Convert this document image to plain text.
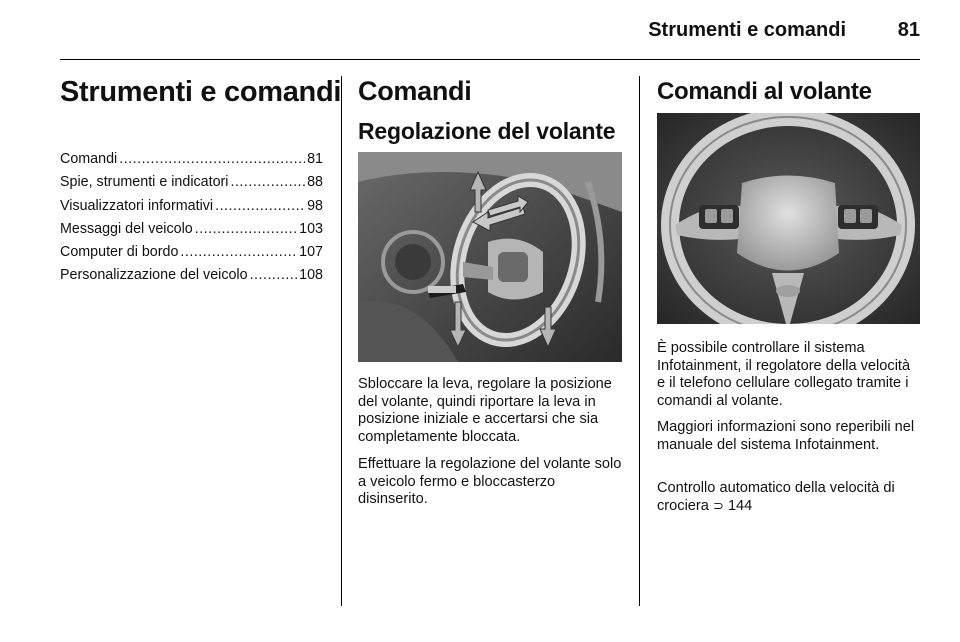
Strumenti e comandi	81
Strumenti e comandi
Comandi .....	81
Spie, strumenti e indicatori .....	88
Visualizzatori informativi .....	98
Messaggi del veicolo .....	103
Computer di bordo .....	107
Personalizzazione del veicolo .....	108
Comandi
Regolazione del volante

Sbloccare la leva, regolare la posizione del volante, quindi riportare la leva in posizione iniziale e accertarsi che sia completamente bloccata.

Effettuare la regolazione del volante solo a veicolo fermo e bloccasterzo disinserito.

Comandi al volante

È possibile controllare il sistema Infotainment, il regolatore della velocità e il telefono cellulare collegato tramite i comandi al volante.

Maggiori informazioni sono reperibili nel manuale del sistema Infotainment.

Controllo automatico della velocità di crociera ⊃ 144
